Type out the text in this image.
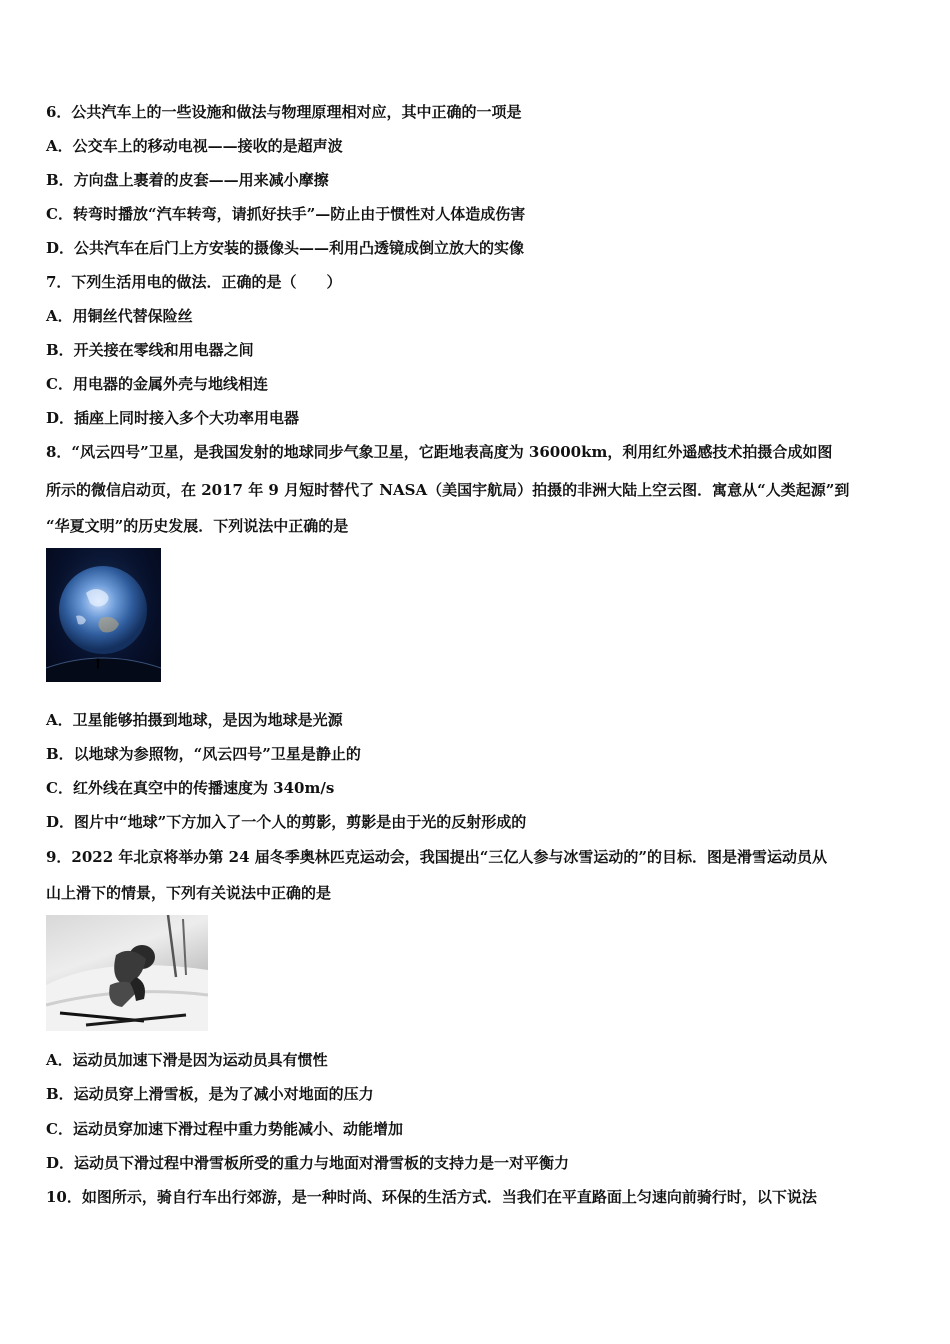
6．公共汽车上的一些设施和做法与物理原理相对应，其中正确的一项是
A．公交车上的移动电视——接收的是超声波
B．方向盘上裹着的皮套——用来减小摩擦
C．转弯时播放“汽车转弯，请抓好扶手”—防止由于惯性对人体造成伤害
D．公共汽车在后门上方安装的摄像头——利用凸透镜成倒立放大的实像
7．下列生活用电的做法．正确的是（　　）
A．用铜丝代替保险丝
B．开关接在零线和用电器之间
C．用电器的金属外壳与地线相连
D．插座上同时接入多个大功率用电器
8．“风云四号”卫星，是我国发射的地球同步气象卫星，它距地表高度为 36000km，利用红外遥感技术拍摄合成如图
所示的微信启动页，在 2017 年 9 月短时替代了 NASA（美国宇航局）拍摄的非洲大陆上空云图．寓意从“人类起源”到
“华夏文明”的历史发展．下列说法中正确的是
A．卫星能够拍摄到地球，是因为地球是光源
B．以地球为参照物，“风云四号”卫星是静止的
C．红外线在真空中的传播速度为 340m/s
D．图片中“地球”下方加入了一个人的剪影，剪影是由于光的反射形成的
9．2022 年北京将举办第 24 届冬季奥林匹克运动会，我国提出“三亿人参与冰雪运动的”的目标．图是滑雪运动员从
山上滑下的情景，下列有关说法中正确的是
A．运动员加速下滑是因为运动员具有惯性
B．运动员穿上滑雪板，是为了减小对地面的压力
C．运动员穿加速下滑过程中重力势能减小、动能增加
D．运动员下滑过程中滑雪板所受的重力与地面对滑雪板的支持力是一对平衡力
10．如图所示，骑自行车出行郊游，是一种时尚、环保的生活方式．当我们在平直路面上匀速向前骑行时，以下说法
